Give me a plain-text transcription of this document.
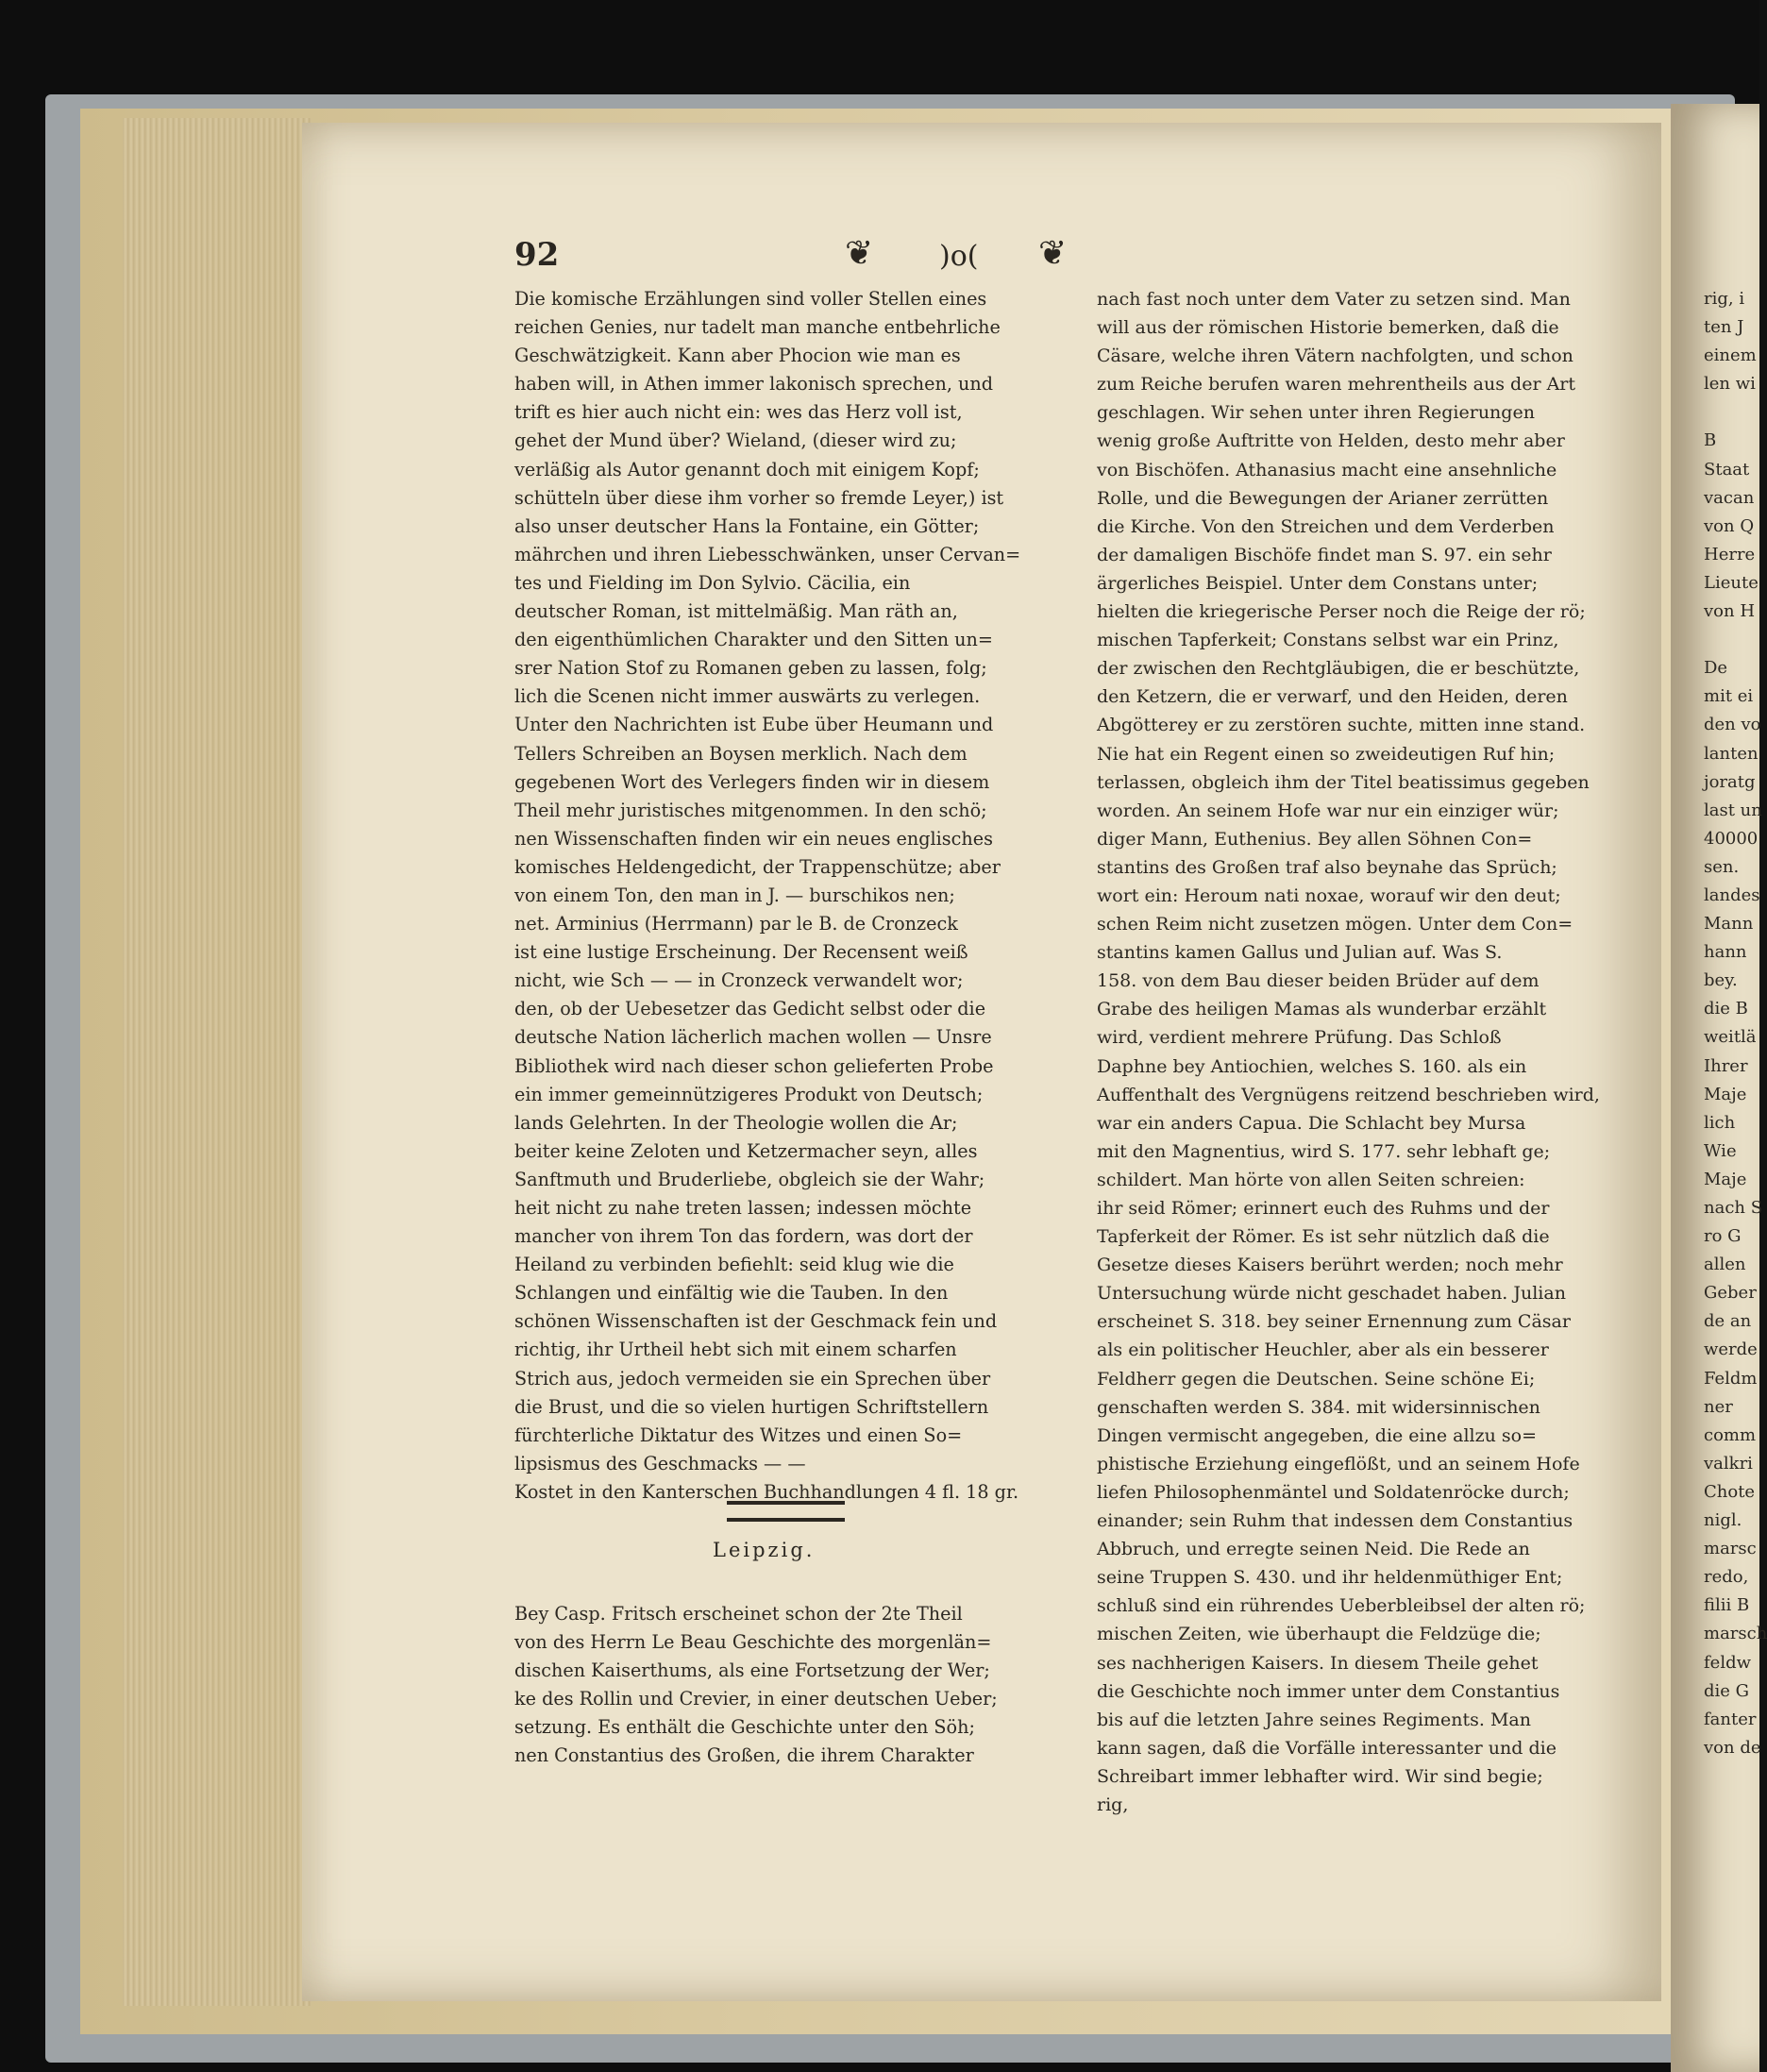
92	❦ )o( ❦
Die komische Erzählungen sind voller Stellen eines
reichen Genies, nur tadelt man manche entbehrliche
Geschwätzigkeit. Kann aber Phocion wie man es
haben will, in Athen immer lakonisch sprechen, und
trift es hier auch nicht ein: wes das Herz voll ist,
gehet der Mund über? Wieland, (dieser wird zu;
verläßig als Autor genannt doch mit einigem Kopf;
schütteln über diese ihm vorher so fremde Leyer,) ist
also unser deutscher Hans la Fontaine, ein Götter;
mährchen und ihren Liebesschwänken, unser Cervan=
tes und Fielding im Don Sylvio. Cäcilia, ein
deutscher Roman, ist mittelmäßig. Man räth an,
den eigenthümlichen Charakter und den Sitten un=
srer Nation Stof zu Romanen geben zu lassen, folg;
lich die Scenen nicht immer auswärts zu verlegen.
Unter den Nachrichten ist Eube über Heumann und
Tellers Schreiben an Boysen merklich. Nach dem
gegebenen Wort des Verlegers finden wir in diesem
Theil mehr juristisches mitgenommen. In den schö;
nen Wissenschaften finden wir ein neues englisches
komisches Heldengedicht, der Trappenschütze; aber
von einem Ton, den man in J. — burschikos nen;
net. Arminius (Herrmann) par le B. de Cronzeck
ist eine lustige Erscheinung. Der Recensent weiß
nicht, wie Sch — — in Cronzeck verwandelt wor;
den, ob der Uebesetzer das Gedicht selbst oder die
deutsche Nation lächerlich machen wollen — Unsre
Bibliothek wird nach dieser schon gelieferten Probe
ein immer gemeinnützigeres Produkt von Deutsch;
lands Gelehrten. In der Theologie wollen die Ar;
beiter keine Zeloten und Ketzermacher seyn, alles
Sanftmuth und Bruderliebe, obgleich sie der Wahr;
heit nicht zu nahe treten lassen; indessen möchte
mancher von ihrem Ton das fordern, was dort der
Heiland zu verbinden befiehlt: seid klug wie die
Schlangen und einfältig wie die Tauben. In den
schönen Wissenschaften ist der Geschmack fein und
richtig, ihr Urtheil hebt sich mit einem scharfen
Strich aus, jedoch vermeiden sie ein Sprechen über
die Brust, und die so vielen hurtigen Schriftstellern
fürchterliche Diktatur des Witzes und einen So=
lipsismus des Geschmacks — —
Kostet in den Kanterschen Buchhandlungen 4 fl. 18 gr.
Leipzig.
Bey Casp. Fritsch erscheinet schon der 2te Theil
von des Herrn Le Beau Geschichte des morgenlän=
dischen Kaiserthums, als eine Fortsetzung der Wer;
ke des Rollin und Crevier, in einer deutschen Ueber;
setzung. Es enthält die Geschichte unter den Söh;
nen Constantius des Großen, die ihrem Charakter
nach fast noch unter dem Vater zu setzen sind. Man
will aus der römischen Historie bemerken, daß die
Cäsare, welche ihren Vätern nachfolgten, und schon
zum Reiche berufen waren mehrentheils aus der Art
geschlagen. Wir sehen unter ihren Regierungen
wenig große Auftritte von Helden, desto mehr aber
von Bischöfen. Athanasius macht eine ansehnliche
Rolle, und die Bewegungen der Arianer zerrütten
die Kirche. Von den Streichen und dem Verderben
der damaligen Bischöfe findet man S. 97. ein sehr
ärgerliches Beispiel. Unter dem Constans unter;
hielten die kriegerische Perser noch die Reige der rö;
mischen Tapferkeit; Constans selbst war ein Prinz,
der zwischen den Rechtgläubigen, die er beschützte,
den Ketzern, die er verwarf, und den Heiden, deren
Abgötterey er zu zerstören suchte, mitten inne stand.
Nie hat ein Regent einen so zweideutigen Ruf hin;
terlassen, obgleich ihm der Titel beatissimus gegeben
worden. An seinem Hofe war nur ein einziger wür;
diger Mann, Euthenius. Bey allen Söhnen Con=
stantins des Großen traf also beynahe das Sprüch;
wort ein: Heroum nati noxae, worauf wir den deut;
schen Reim nicht zusetzen mögen. Unter dem Con=
stantins kamen Gallus und Julian auf. Was S.
158. von dem Bau dieser beiden Brüder auf dem
Grabe des heiligen Mamas als wunderbar erzählt
wird, verdient mehrere Prüfung. Das Schloß
Daphne bey Antiochien, welches S. 160. als ein
Auffenthalt des Vergnügens reitzend beschrieben wird,
war ein anders Capua. Die Schlacht bey Mursa
mit den Magnentius, wird S. 177. sehr lebhaft ge;
schildert. Man hörte von allen Seiten schreien:
ihr seid Römer; erinnert euch des Ruhms und der
Tapferkeit der Römer. Es ist sehr nützlich daß die
Gesetze dieses Kaisers berührt werden; noch mehr
Untersuchung würde nicht geschadet haben. Julian
erscheinet S. 318. bey seiner Ernennung zum Cäsar
als ein politischer Heuchler, aber als ein besserer
Feldherr gegen die Deutschen. Seine schöne Ei;
genschaften werden S. 384. mit widersinnischen
Dingen vermischt angegeben, die eine allzu so=
phistische Erziehung eingeflößt, und an seinem Hofe
liefen Philosophenmäntel und Soldatenröcke durch;
einander; sein Ruhm that indessen dem Constantius
Abbruch, und erregte seinen Neid. Die Rede an
seine Truppen S. 430. und ihr heldenmüthiger Ent;
schluß sind ein rührendes Ueberbleibsel der alten rö;
mischen Zeiten, wie überhaupt die Feldzüge die;
ses nachherigen Kaisers. In diesem Theile gehet
die Geschichte noch immer unter dem Constantius
bis auf die letzten Jahre seines Regiments. Man
kann sagen, daß die Vorfälle interessanter und die
Schreibart immer lebhafter wird. Wir sind begie;
rig,
rig, i
ten J
einem
len wi
B
Staat
vacan
von Q
Herre
Lieute
von H
De
mit ei
den vo
lanten
joratg
last un
40000
sen.
landes
Mann
hann
bey.
die B
weitlä
Ihrer
Maje
lich
Wie
Maje
nach S
ro G
allen
Geber
de an
werde
Feldm
ner
comm
valkri
Chote
nigl.
marsc
redo,
filii B
marsch
feldw
die G
fanter
von de
